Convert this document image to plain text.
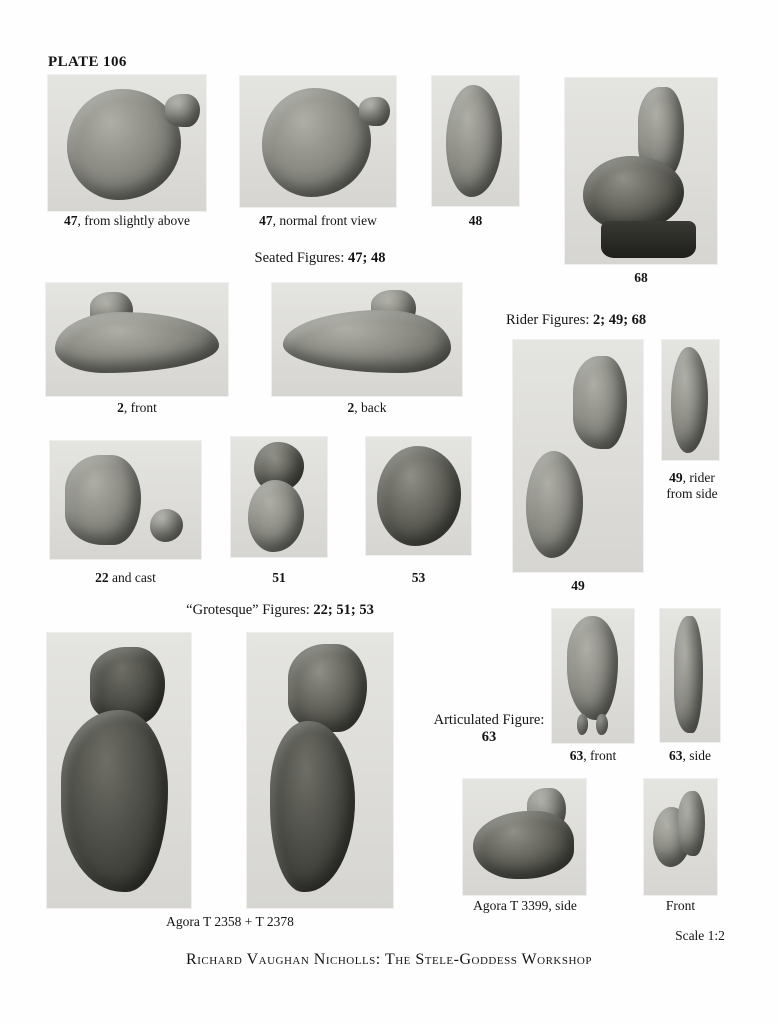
PLATE 106
47, from slightly above	47, normal front view	48
68
Seated Figures: 47; 48
2, front	2, back
Rider Figures: 2; 49; 68
49, rider
from side
22 and cast	51	53
49
“Grotesque” Figures: 22; 51; 53
Agora T 2358 + T 2378
Articulated Figure:
63
63, front	63, side
Agora T 3399, side	Front
Scale 1:2
Richard Vaughan Nicholls: The Stele-Goddess Workshop
